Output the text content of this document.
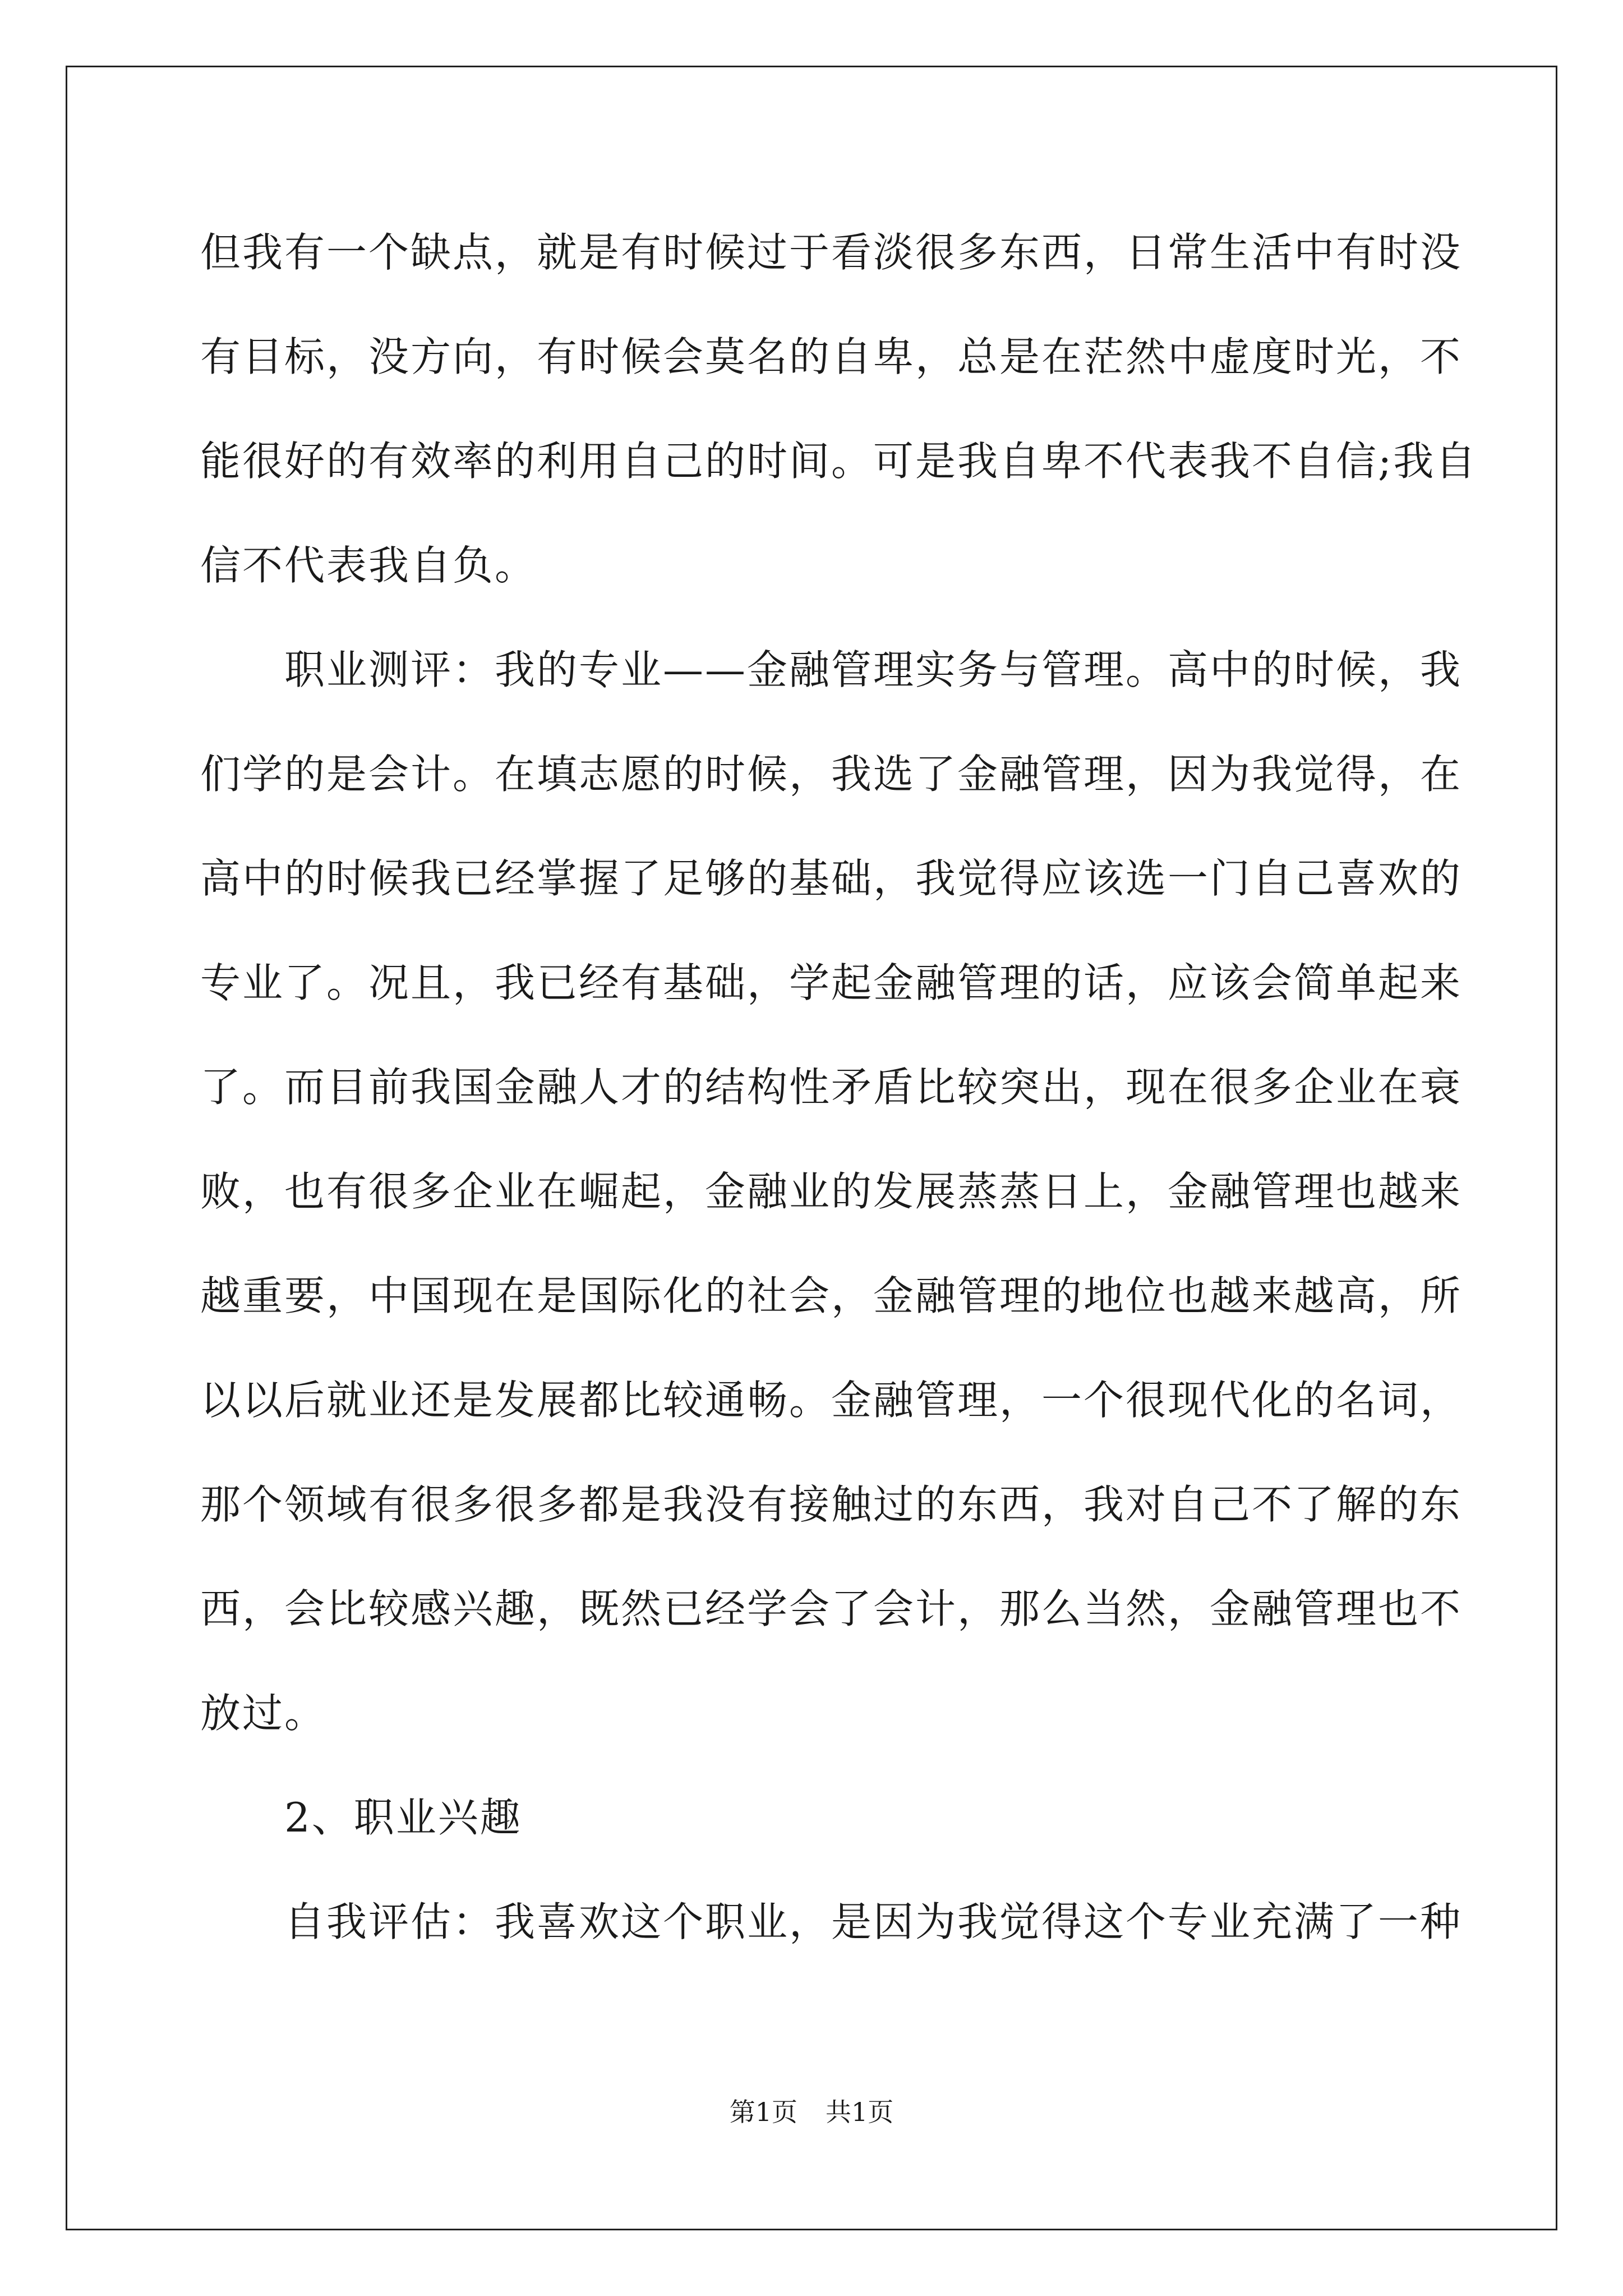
但我有一个缺点，就是有时候过于看淡很多东西，日常生活中有时没
有目标，没方向，有时候会莫名的自卑，总是在茫然中虚度时光，不
能很好的有效率的利用自己的时间。可是我自卑不代表我不自信;我自
信不代表我自负。
职业测评：我的专业——金融管理实务与管理。高中的时候，我
们学的是会计。在填志愿的时候，我选了金融管理，因为我觉得，在
高中的时候我已经掌握了足够的基础，我觉得应该选一门自己喜欢的
专业了。况且，我已经有基础，学起金融管理的话，应该会简单起来
了。而目前我国金融人才的结构性矛盾比较突出，现在很多企业在衰
败，也有很多企业在崛起，金融业的发展蒸蒸日上，金融管理也越来
越重要，中国现在是国际化的社会，金融管理的地位也越来越高，所
以以后就业还是发展都比较通畅。金融管理，一个很现代化的名词，
那个领域有很多很多都是我没有接触过的东西，我对自己不了解的东
西，会比较感兴趣，既然已经学会了会计，那么当然，金融管理也不
放过。
2、职业兴趣
自我评估：我喜欢这个职业，是因为我觉得这个专业充满了一种
第1页 共1页
